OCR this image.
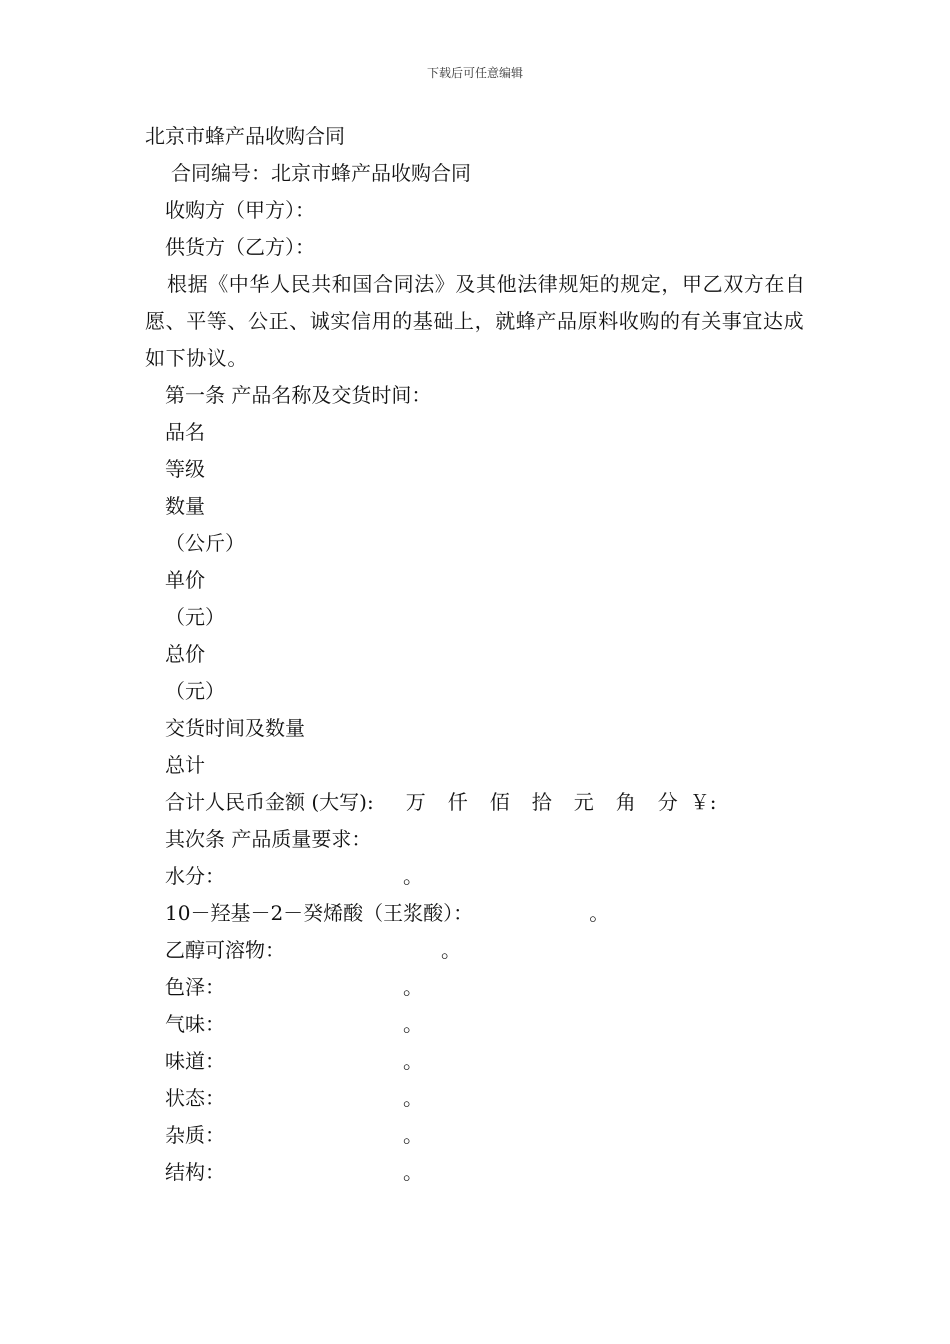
下载后可任意编辑
北京市蜂产品收购合同
合同编号：北京市蜂产品收购合同
收购方（甲方）：
供货方（乙方）：
根据《中华人民共和国合同法》及其他法律规矩的规定，甲乙双方在自愿、平等、公正、诚实信用的基础上，就蜂产品原料收购的有关事宜达成如下协议。
第一条 产品名称及交货时间：
品名
等级
数量
（公斤）
单价
（元）
总价
（元）
交货时间及数量
总计
合计人民币金额 (大写): 万 仟 佰 拾 元 角 分 ￥:
其次条 产品质量要求：
水分：	。
10－羟基－2－癸烯酸（王浆酸）：	。
乙醇可溶物：	。
色泽：	。
气味：	。
味道：	。
状态：	。
杂质：	。
结构：	。
